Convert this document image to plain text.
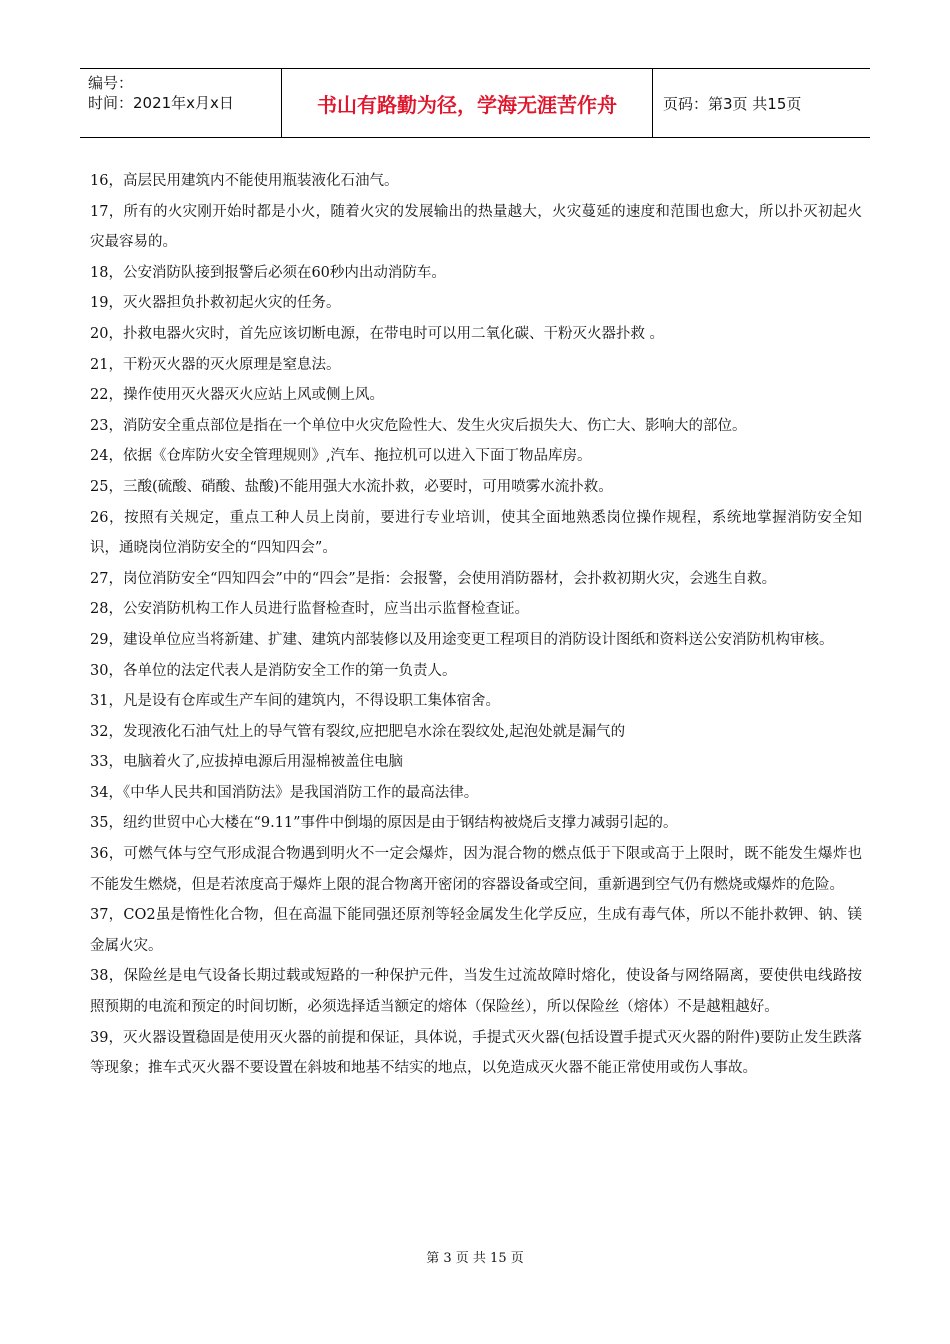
编号：
时间：2021年x月x日	书山有路勤为径，学海无涯苦作舟	页码：第3页 共15页

16，高层民用建筑内不能使用瓶装液化石油气。

17，所有的火灾刚开始时都是小火，随着火灾的发展输出的热量越大，火灾蔓延的速度和范围也愈大，所以扑灭初起火灾最容易的。

18，公安消防队接到报警后必须在60秒内出动消防车。

19，灭火器担负扑救初起火灾的任务。

20，扑救电器火灾时，首先应该切断电源，在带电时可以用二氧化碳、干粉灭火器扑救 。

21，干粉灭火器的灭火原理是窒息法。

22，操作使用灭火器灭火应站上风或侧上风。

23，消防安全重点部位是指在一个单位中火灾危险性大、发生火灾后损失大、伤亡大、影响大的部位。

24，依据《仓库防火安全管理规则》,汽车、拖拉机可以进入下面丁物品库房。

25，三酸(硫酸、硝酸、盐酸)不能用强大水流扑救，必要时，可用喷雾水流扑救。

26，按照有关规定，重点工种人员上岗前，要进行专业培训，使其全面地熟悉岗位操作规程，系统地掌握消防安全知识，通晓岗位消防安全的“四知四会”。

27，岗位消防安全“四知四会”中的“四会”是指：会报警，会使用消防器材，会扑救初期火灾，会逃生自救。

28，公安消防机构工作人员进行监督检查时，应当出示监督检查证。

29，建设单位应当将新建、扩建、建筑内部装修以及用途变更工程项目的消防设计图纸和资料送公安消防机构审核。

30，各单位的法定代表人是消防安全工作的第一负责人。

31，凡是设有仓库或生产车间的建筑内，不得设职工集体宿舍。

32，发现液化石油气灶上的导气管有裂纹,应把肥皂水涂在裂纹处,起泡处就是漏气的

33，电脑着火了,应拔掉电源后用湿棉被盖住电脑

34，《中华人民共和国消防法》是我国消防工作的最高法律。

35，纽约世贸中心大楼在“9.11”事件中倒塌的原因是由于钢结构被烧后支撑力减弱引起的。

36，可燃气体与空气形成混合物遇到明火不一定会爆炸，因为混合物的燃点低于下限或高于上限时，既不能发生爆炸也不能发生燃烧，但是若浓度高于爆炸上限的混合物离开密闭的容器设备或空间，重新遇到空气仍有燃烧或爆炸的危险。

37，CO2虽是惰性化合物，但在高温下能同强还原剂等轻金属发生化学反应，生成有毒气体，所以不能扑救钾、钠、镁金属火灾。

38，保险丝是电气设备长期过载或短路的一种保护元件，当发生过流故障时熔化，使设备与网络隔离，要使供电线路按照预期的电流和预定的时间切断，必须选择适当额定的熔体（保险丝），所以保险丝（熔体）不是越粗越好。

39，灭火器设置稳固是使用灭火器的前提和保证，具体说，手提式灭火器(包括设置手提式灭火器的附件)要防止发生跌落等现象；推车式灭火器不要设置在斜坡和地基不结实的地点，以免造成灭火器不能正常使用或伤人事故。

第 3 页 共 15 页
